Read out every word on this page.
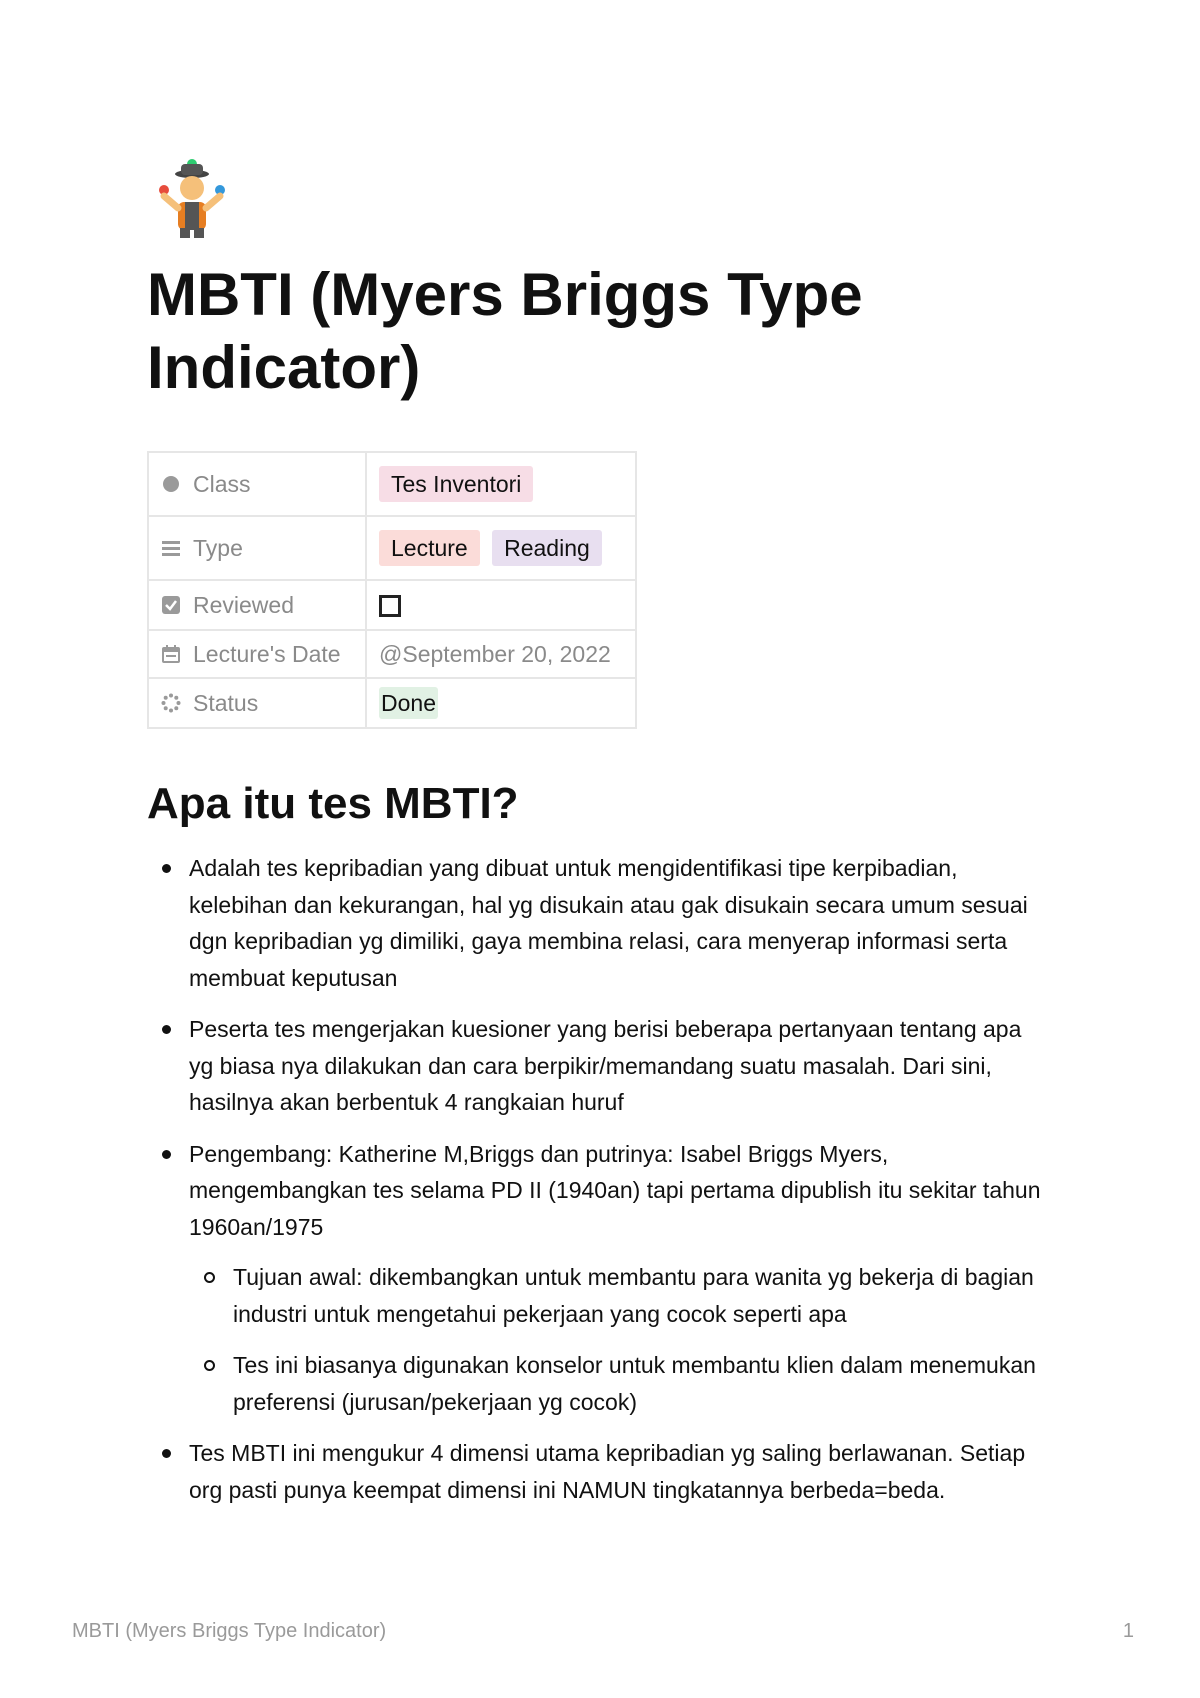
MBTI (Myers Briggs Type Indicator)
Class	Tes Inventori

Type	Lecture Reading

Reviewed	

Lecture's Date	@September 20, 2022

Status	Done
Apa itu tes MBTI?
Adalah tes kepribadian yang dibuat untuk mengidentifikasi tipe kerpibadian, kelebihan dan kekurangan, hal yg disukain atau gak disukain secara umum sesuai dgn kepribadian yg dimiliki, gaya membina relasi, cara menyerap informasi serta membuat keputusan
Peserta tes mengerjakan kuesioner yang berisi beberapa pertanyaan tentang apa yg biasa nya dilakukan dan cara berpikir/memandang suatu masalah. Dari sini, hasilnya akan berbentuk 4 rangkaian huruf
Pengembang: Katherine M,Briggs dan putrinya: Isabel Briggs Myers, mengembangkan tes selama PD II (1940an) tapi pertama dipublish itu sekitar tahun 1960an/1975
Tujuan awal: dikembangkan untuk membantu para wanita yg bekerja di bagian industri untuk mengetahui pekerjaan yang cocok seperti apa
Tes ini biasanya digunakan konselor untuk membantu klien dalam menemukan preferensi (jurusan/pekerjaan yg cocok)
Tes MBTI ini mengukur 4 dimensi utama kepribadian yg saling berlawanan. Setiap org pasti punya keempat dimensi ini NAMUN tingkatannya berbeda=beda.
MBTI (Myers Briggs Type Indicator)	1
